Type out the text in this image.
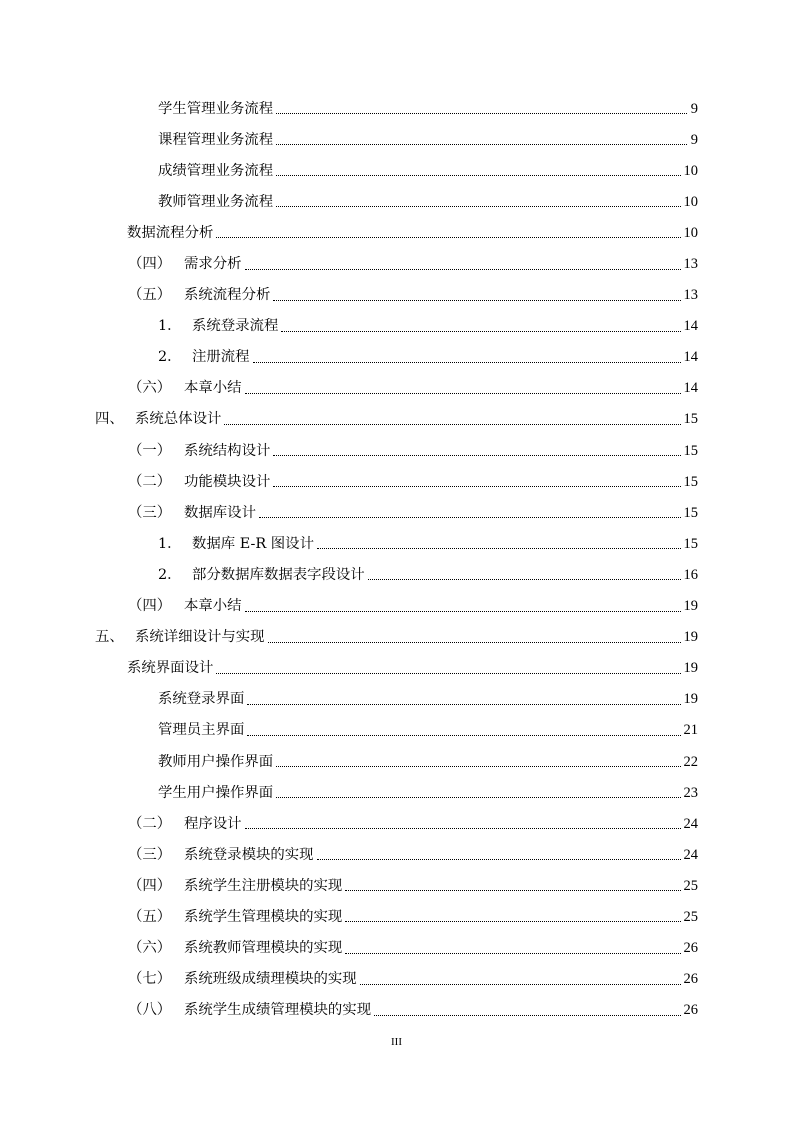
学生管理业务流程	9
课程管理业务流程	9
成绩管理业务流程	10
教师管理业务流程	10
数据流程分析	10
（四） 需求分析	13
（五） 系统流程分析	13
1． 系统登录流程	14
2． 注册流程	14
（六） 本章小结	14
四、 系统总体设计	15
（一） 系统结构设计	15
（二） 功能模块设计	15
（三） 数据库设计	15
1． 数据库 E-R 图设计	15
2． 部分数据库数据表字段设计	16
（四） 本章小结	19
五、 系统详细设计与实现	19
系统界面设计	19
系统登录界面	19
管理员主界面	21
教师用户操作界面	22
学生用户操作界面	23
（二） 程序设计	24
（三） 系统登录模块的实现	24
（四） 系统学生注册模块的实现	25
（五） 系统学生管理模块的实现	25
（六） 系统教师管理模块的实现	26
（七） 系统班级成绩理模块的实现	26
（八） 系统学生成绩管理模块的实现	26
III
